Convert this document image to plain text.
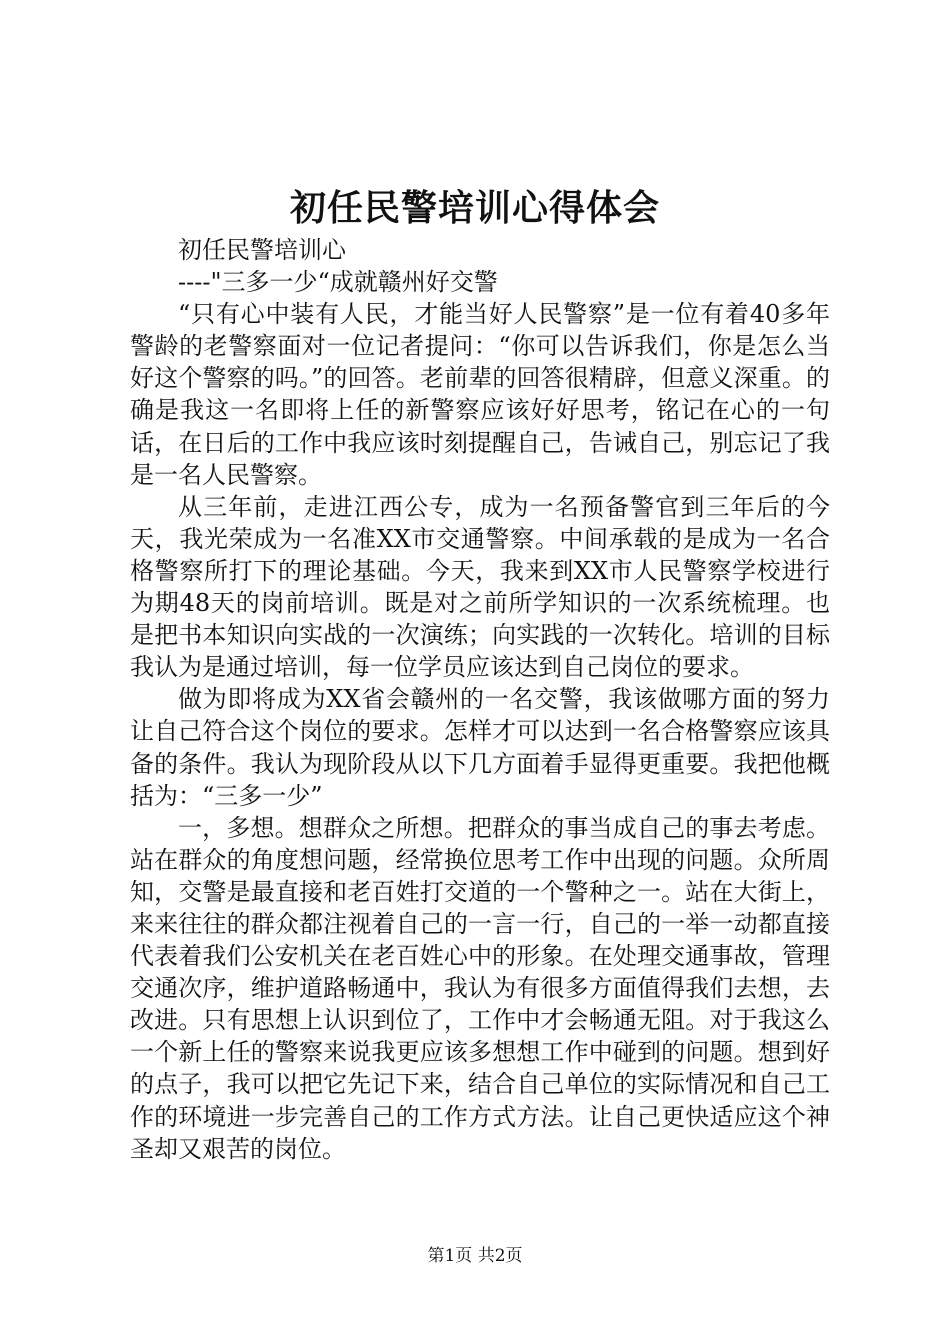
初任民警培训心得体会

初任民警培训心

----"三多一少“成就赣州好交警

“只有心中装有人民，才能当好人民警察”是一位有着40多年警龄的老警察面对一位记者提问：“你可以告诉我们，你是怎么当好这个警察的吗。”的回答。老前辈的回答很精辟，但意义深重。的确是我这一名即将上任的新警察应该好好思考，铭记在心的一句话，在日后的工作中我应该时刻提醒自己，告诫自己，别忘记了我是一名人民警察。

从三年前，走进江西公专，成为一名预备警官到三年后的今天，我光荣成为一名准XX市交通警察。中间承载的是成为一名合格警察所打下的理论基础。今天，我来到XX市人民警察学校进行为期48天的岗前培训。既是对之前所学知识的一次系统梳理。也是把书本知识向实战的一次演练；向实践的一次转化。培训的目标我认为是通过培训，每一位学员应该达到自己岗位的要求。

做为即将成为XX省会赣州的一名交警，我该做哪方面的努力让自己符合这个岗位的要求。怎样才可以达到一名合格警察应该具备的条件。我认为现阶段从以下几方面着手显得更重要。我把他概括为：“三多一少”

一，多想。想群众之所想。把群众的事当成自己的事去考虑。站在群众的角度想问题，经常换位思考工作中出现的问题。众所周知，交警是最直接和老百姓打交道的一个警种之一。站在大街上，来来往往的群众都注视着自己的一言一行，自己的一举一动都直接代表着我们公安机关在老百姓心中的形象。在处理交通事故，管理交通次序，维护道路畅通中，我认为有很多方面值得我们去想，去改进。只有思想上认识到位了，工作中才会畅通无阻。对于我这么一个新上任的警察来说我更应该多想想工作中碰到的问题。想到好的点子，我可以把它先记下来，结合自己单位的实际情况和自己工作的环境进一步完善自己的工作方式方法。让自己更快适应这个神圣却又艰苦的岗位。

第1页 共2页
